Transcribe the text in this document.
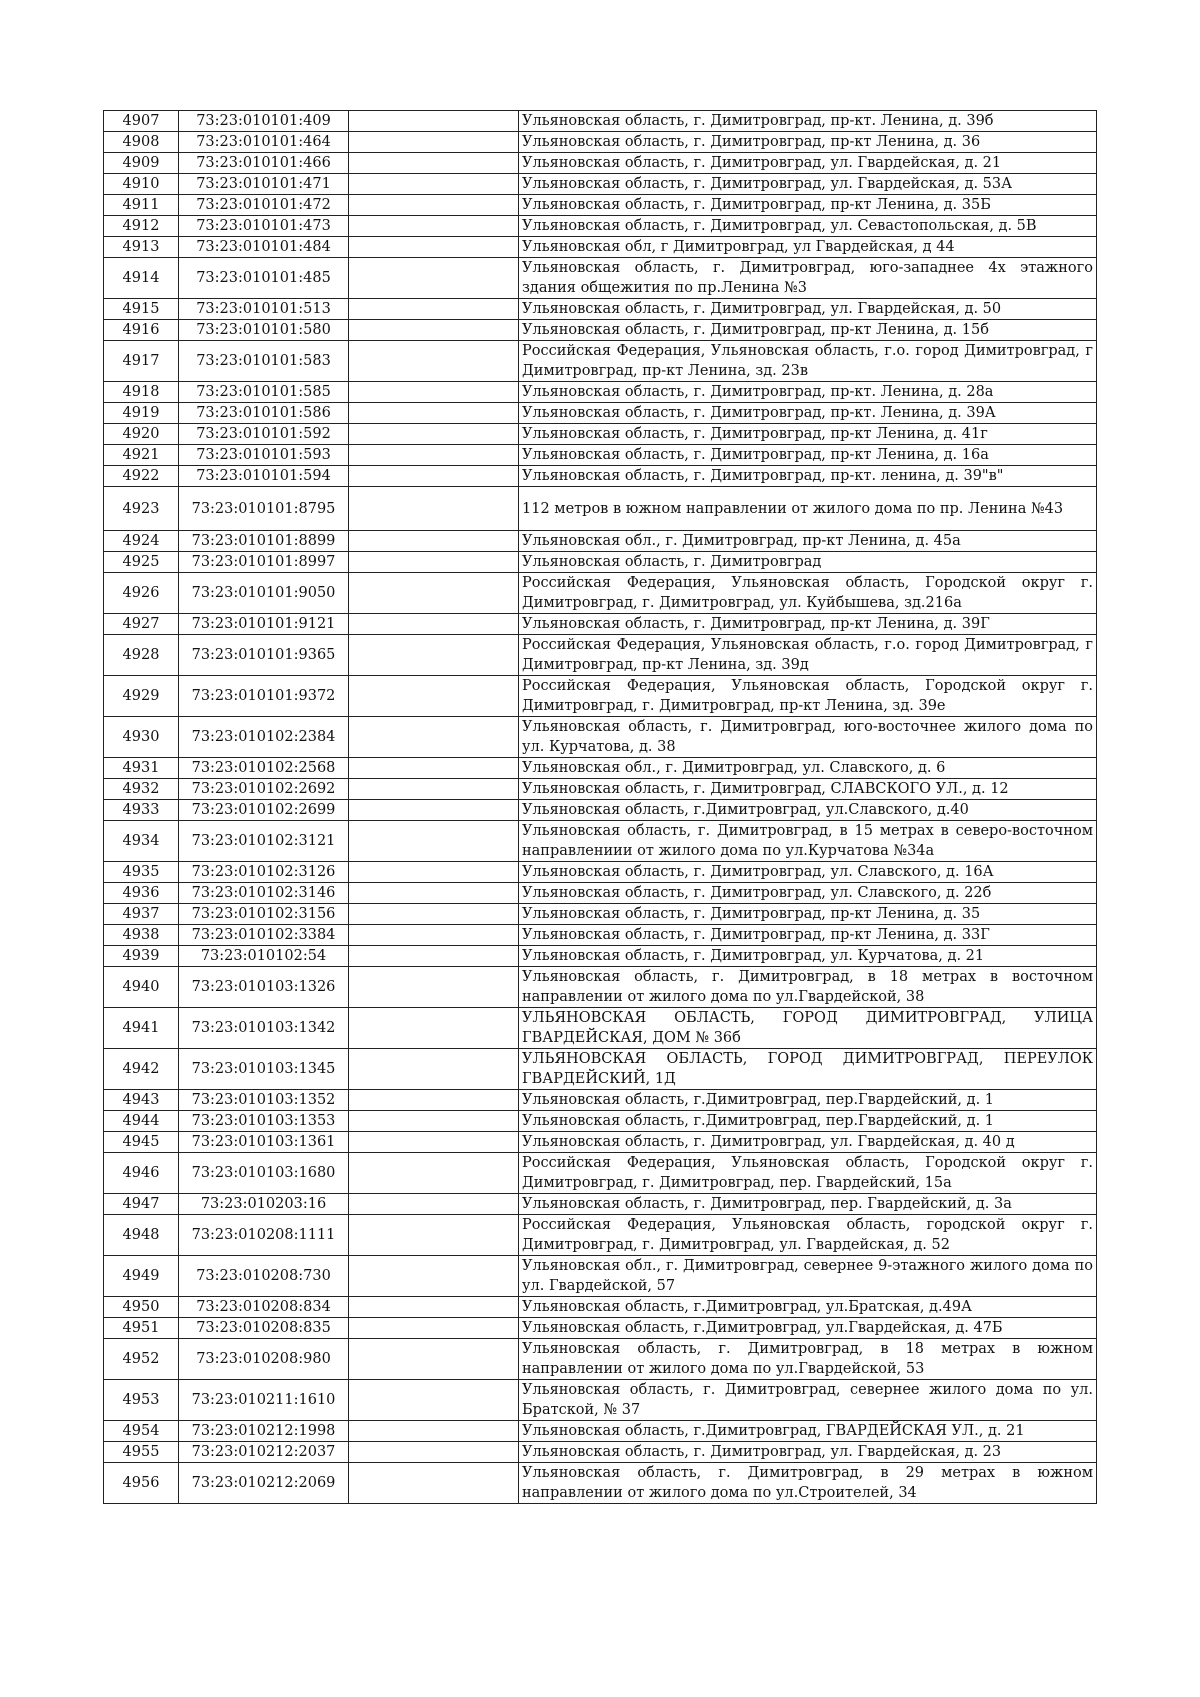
4907	73:23:010101:409		Ульяновская область, г. Димитровград, пр-кт. Ленина, д. 39б
4908	73:23:010101:464		Ульяновская область, г. Димитровград, пр-кт Ленина, д. 36
4909	73:23:010101:466		Ульяновская область, г. Димитровград, ул. Гвардейская, д. 21
4910	73:23:010101:471		Ульяновская область, г. Димитровград, ул. Гвардейская, д. 53А
4911	73:23:010101:472		Ульяновская область, г. Димитровград, пр-кт Ленина, д. 35Б
4912	73:23:010101:473		Ульяновская область, г. Димитровград, ул. Севастопольская, д. 5В
4913	73:23:010101:484		Ульяновская обл, г Димитровград, ул Гвардейская, д 44
4914	73:23:010101:485		Ульяновская область, г. Димитровград, юго-западнее 4х этажного здания общежития по пр.Ленина №3
4915	73:23:010101:513		Ульяновская область, г. Димитровград, ул. Гвардейская, д. 50
4916	73:23:010101:580		Ульяновская область, г. Димитровград, пр-кт Ленина, д. 15б
4917	73:23:010101:583		Российская Федерация, Ульяновская область, г.о. город Димитровград, г Димитровград, пр-кт Ленина, зд. 23в
4918	73:23:010101:585		Ульяновская область, г. Димитровград, пр-кт. Ленина, д. 28а
4919	73:23:010101:586		Ульяновская область, г. Димитровград, пр-кт. Ленина, д. 39А
4920	73:23:010101:592		Ульяновская область, г. Димитровград, пр-кт Ленина, д. 41г
4921	73:23:010101:593		Ульяновская область, г. Димитровград, пр-кт Ленина, д. 16а
4922	73:23:010101:594		Ульяновская область, г. Димитровград, пр-кт. ленина, д. 39"в"
4923	73:23:010101:8795		112 метров в южном направлении от жилого дома по пр. Ленина №43
4924	73:23:010101:8899		Ульяновская обл., г. Димитровград, пр-кт Ленина, д. 45а
4925	73:23:010101:8997		Ульяновская область, г. Димитровград
4926	73:23:010101:9050		Российская Федерация, Ульяновская область, Городской округ г. Димитровград, г. Димитровград, ул. Куйбышева, зд.216а
4927	73:23:010101:9121		Ульяновская область, г. Димитровград, пр-кт Ленина, д. 39Г
4928	73:23:010101:9365		Российская Федерация, Ульяновская область, г.о. город Димитровград, г Димитровград, пр-кт Ленина, зд. 39д
4929	73:23:010101:9372		Российская Федерация, Ульяновская область, Городской округ г. Димитровград, г. Димитровград, пр-кт Ленина, зд. 39е
4930	73:23:010102:2384		Ульяновская область, г. Димитровград, юго-восточнее жилого дома по ул. Курчатова, д. 38
4931	73:23:010102:2568		Ульяновская обл., г. Димитровград, ул. Славского, д. 6
4932	73:23:010102:2692		Ульяновская область, г. Димитровград, СЛАВСКОГО УЛ., д. 12
4933	73:23:010102:2699		Ульяновская область, г.Димитровград, ул.Славского, д.40
4934	73:23:010102:3121		Ульяновская область, г. Димитровград, в 15 метрах в северо-восточном направлениии от жилого дома по ул.Курчатова №34а
4935	73:23:010102:3126		Ульяновская область, г. Димитровград, ул. Славского, д. 16А
4936	73:23:010102:3146		Ульяновская область, г. Димитровград, ул. Славского, д. 22б
4937	73:23:010102:3156		Ульяновская область, г. Димитровград, пр-кт Ленина, д. 35
4938	73:23:010102:3384		Ульяновская область, г. Димитровград, пр-кт Ленина, д. 33Г
4939	73:23:010102:54		Ульяновская область, г. Димитровград, ул. Курчатова, д. 21
4940	73:23:010103:1326		Ульяновская область, г. Димитровград, в 18 метрах в восточном направлении от жилого дома по ул.Гвардейской, 38
4941	73:23:010103:1342		УЛЬЯНОВСКАЯ ОБЛАСТЬ, ГОРОД ДИМИТРОВГРАД, УЛИЦА ГВАРДЕЙСКАЯ, ДОМ № 36б
4942	73:23:010103:1345		УЛЬЯНОВСКАЯ ОБЛАСТЬ, ГОРОД ДИМИТРОВГРАД, ПЕРЕУЛОК ГВАРДЕЙСКИЙ, 1Д
4943	73:23:010103:1352		Ульяновская область, г.Димитровград, пер.Гвардейский, д. 1
4944	73:23:010103:1353		Ульяновская область, г.Димитровград, пер.Гвардейский, д. 1
4945	73:23:010103:1361		Ульяновская область, г. Димитровград, ул. Гвардейская, д. 40 д
4946	73:23:010103:1680		Российская Федерация, Ульяновская область, Городской округ г. Димитровград, г. Димитровград, пер. Гвардейский, 15а
4947	73:23:010203:16		Ульяновская область, г. Димитровград, пер. Гвардейский, д. 3а
4948	73:23:010208:1111		Российская Федерация, Ульяновская область, городской округ г. Димитровград, г. Димитровград, ул. Гвардейская, д. 52
4949	73:23:010208:730		Ульяновская обл., г. Димитровград, севернее 9-этажного жилого дома по ул. Гвардейской, 57
4950	73:23:010208:834		Ульяновская область, г.Димитровград, ул.Братская, д.49А
4951	73:23:010208:835		Ульяновская область, г.Димитровград, ул.Гвардейская, д. 47Б
4952	73:23:010208:980		Ульяновская область, г. Димитровград, в 18 метрах в южном направлении от жилого дома по ул.Гвардейской, 53
4953	73:23:010211:1610		Ульяновская область, г. Димитровград, севернее жилого дома по ул. Братской, № 37
4954	73:23:010212:1998		Ульяновская область, г.Димитровград, ГВАРДЕЙСКАЯ УЛ., д. 21
4955	73:23:010212:2037		Ульяновская область, г. Димитровград, ул. Гвардейская, д. 23
4956	73:23:010212:2069		Ульяновская область, г. Димитровград, в 29 метрах в южном направлении от жилого дома по ул.Строителей, 34
